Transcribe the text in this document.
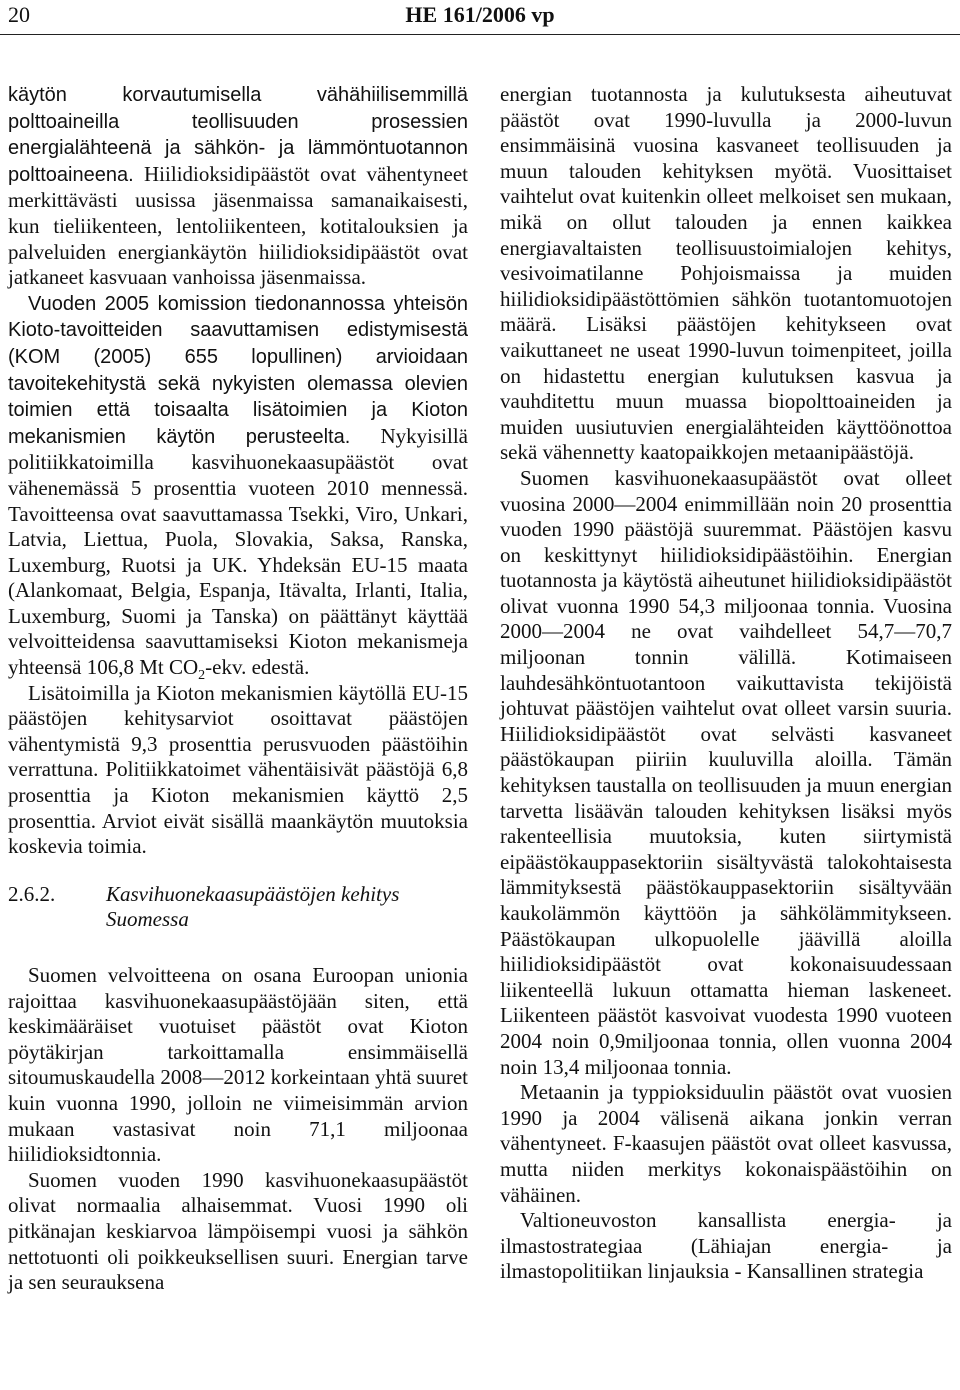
20	HE 161/2006 vp

käytön korvautumisella vähähiilisemmillä polttoaineilla teollisuuden prosessien energialähteenä ja sähkön- ja lämmöntuotannon polttoaineena. Hiilidioksidipäästöt ovat vähentyneet merkittävästi uusissa jäsenmaissa samanaikaisesti, kun tieliikenteen, lentoliikenteen, kotitalouksien ja palveluiden energiankäytön hiilidioksidipäästöt ovat jatkaneet kasvuaan vanhoissa jäsenmaissa.

Vuoden 2005 komission tiedonannossa yhteisön Kioto-tavoitteiden saavuttamisen edistymisestä (KOM (2005) 655 lopullinen) arvioidaan tavoitekehitystä sekä nykyisten olemassa olevien toimien että toisaalta lisätoimien ja Kioton mekanismien käytön perusteelta. Nykyisillä politiikkatoimilla kasvihuonekaasupäästöt ovat vähenemässä 5 prosenttia vuoteen 2010 mennessä. Tavoitteensa ovat saavuttamassa Tsekki, Viro, Unkari, Latvia, Liettua, Puola, Slovakia, Saksa, Ranska, Luxemburg, Ruotsi ja UK. Yhdeksän EU-15 maata (Alankomaat, Belgia, Espanja, Itävalta, Irlanti, Italia, Luxemburg, Suomi ja Tanska) on päättänyt käyttää velvoitteidensa saavuttamiseksi Kioton mekanismeja yhteensä 106,8 Mt $CO_2$-ekv. edestä.

Lisätoimilla ja Kioton mekanismien käytöllä EU-15 päästöjen kehitysarviot osoittavat päästöjen vähentymistä 9,3 prosenttia perusvuoden päästöihin verrattuna. Politiikkatoimet vähentäisivät päästöjä 6,8 prosenttia ja Kioton mekanismien käyttö 2,5 prosenttia. Arviot eivät sisällä maankäytön muutoksia koskevia toimia.

2.6.2.	Kasvihuonekaasupäästöjen kehitys Suomessa

Suomen velvoitteena on osana Euroopan unionia rajoittaa kasvihuonekaasupäästöjään siten, että keskimääräiset vuotuiset päästöt ovat Kioton pöytäkirjan tarkoittamalla ensimmäisellä sitoumuskaudella 2008—2012 korkeintaan yhtä suuret kuin vuonna 1990, jolloin ne viimeisimmän arvion mukaan vastasivat noin 71,1 miljoonaa hiilidioksidtonnia.

Suomen vuoden 1990 kasvihuonekaasupäästöt olivat normaalia alhaisemmat. Vuosi 1990 oli pitkänajan keskiarvoa lämpöisempi vuosi ja sähkön nettotuonti oli poikkeuksellisen suuri. Energian tarve ja sen seurauksena

energian tuotannosta ja kulutuksesta aiheutuvat päästöt ovat 1990-luvulla ja 2000-luvun ensimmäisinä vuosina kasvaneet teollisuuden ja muun talouden kehityksen myötä. Vuosittaiset vaihtelut ovat kuitenkin olleet melkoiset sen mukaan, mikä on ollut talouden ja ennen kaikkea energiavaltaisten teollisuustoimialojen kehitys, vesivoimatilanne Pohjoismaissa ja muiden hiilidioksidipäästöttömien sähkön tuotantomuotojen määrä. Lisäksi päästöjen kehitykseen ovat vaikuttaneet ne useat 1990-luvun toimenpiteet, joilla on hidastettu energian kulutuksen kasvua ja vauhditettu muun muassa biopolttoaineiden ja muiden uusiutuvien energialähteiden käyttöönottoa sekä vähennetty kaatopaikkojen metaanipäästöjä.

Suomen kasvihuonekaasupäästöt ovat olleet vuosina 2000—2004 enimmillään noin 20 prosenttia vuoden 1990 päästöjä suuremmat. Päästöjen kasvu on keskittynyt hiilidioksidipäästöihin. Energian tuotannosta ja käytöstä aiheutunet hiilidioksidipäästöt olivat vuonna 1990 54,3 miljoonaa tonnia. Vuosina 2000—2004 ne ovat vaihdelleet 54,7—70,7 miljoonan tonnin välillä. Kotimaiseen lauhdesähköntuotantoon vaikuttavista tekijöistä johtuvat päästöjen vaihtelut ovat olleet varsin suuria. Hiilidioksidipäästöt ovat selvästi kasvaneet päästökaupan piiriin kuuluvilla aloilla. Tämän kehityksen taustalla on teollisuuden ja muun energian tarvetta lisäävän talouden kehityksen lisäksi myös rakenteellisia muutoksia, kuten siirtymistä eipäästökauppasektoriin sisältyvästä talokohtaisesta lämmityksestä päästökauppasektoriin sisältyvään kaukolämmön käyttöön ja sähkölämmitykseen. Päästökaupan ulkopuolelle jäävillä aloilla hiilidioksidipäästöt ovat kokonaisuudessaan liikenteellä lukuun ottamatta hieman laskeneet. Liikenteen päästöt kasvoivat vuodesta 1990 vuoteen 2004 noin 0,9miljoonaa tonnia, ollen vuonna 2004 noin 13,4 miljoonaa tonnia.

Metaanin ja typpioksiduulin päästöt ovat vuosien 1990 ja 2004 välisenä aikana jonkin verran vähentyneet. F-kaasujen päästöt ovat olleet kasvussa, mutta niiden merkitys kokonaispäästöihin on vähäinen.

Valtioneuvoston kansallista energia- ja ilmastostrategiaa (Lähiajan energia- ja ilmastopolitiikan linjauksia - Kansallinen strategia
